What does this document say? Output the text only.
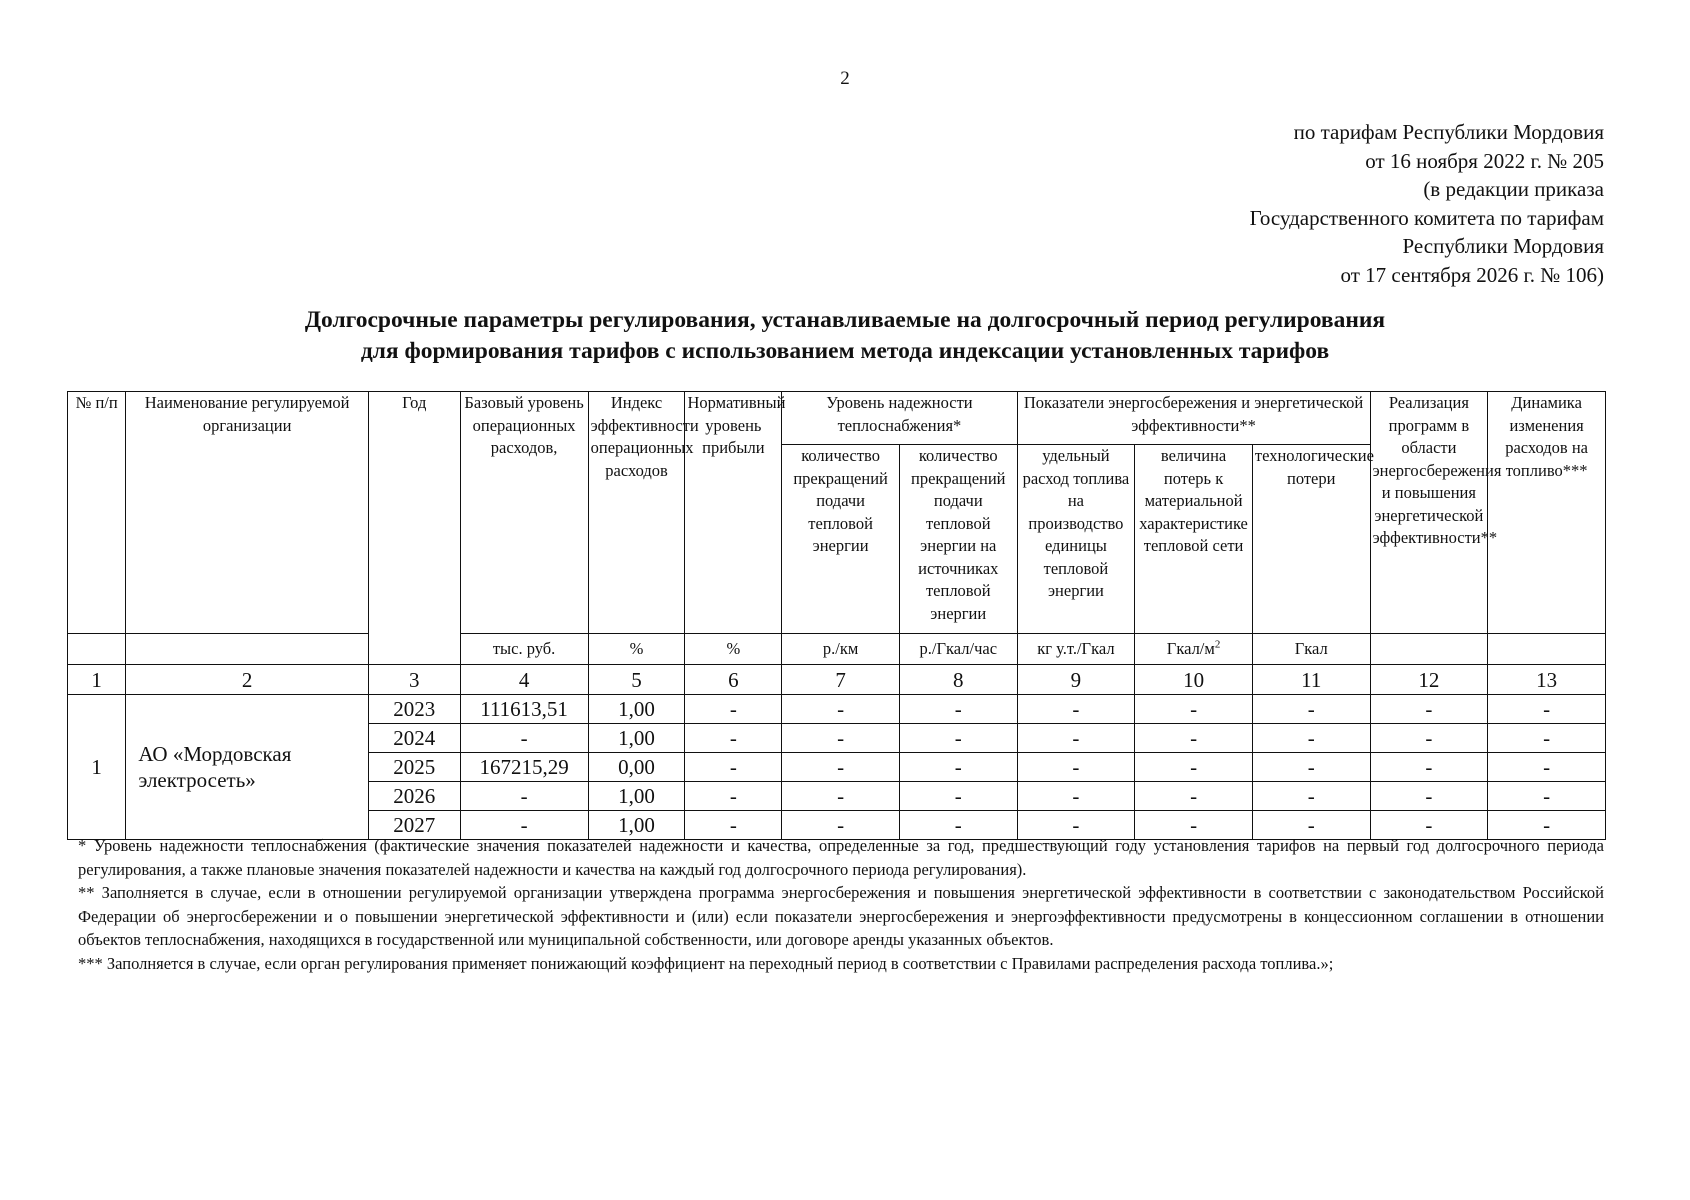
2
по тарифам Республики Мордовия
от 16 ноября 2022 г. № 205
(в редакции приказа
Государственного комитета по тарифам
Республики Мордовия
от 17 сентября 2026 г. № 106)
Долгосрочные параметры регулирования, устанавливаемые на долгосрочный период регулирования
для формирования тарифов с использованием метода индексации установленных тарифов
№ п/п	Наименование регулируемой организации	Год	Базовый уровень операционных расходов,	Индекс эффективности операционных расходов	Нормативный уровень прибыли	Уровень надежности теплоснабжения*		Показатели энергосбережения и энергетической эффективности**			Реализация программ в области энергосбережения и повышения энергетической эффективности**	Динамика изменения расходов на топливо***
						количество прекращений подачи тепловой энергии	количество прекращений подачи тепловой энергии на источниках тепловой энергии	удельный расход топлива на производство единицы тепловой энергии	величина потерь к материальной характеристике тепловой сети	технологические потери		
			тыс. руб.	%	%	р./км	р./Гкал/час	кг у.т./Гкал	Гкал/$м^2$	Гкал		
1	2	3	4	5	6	7	8	9	10	11	12	13
1	АО «Мордовская электросеть»	2023	111613,51	1,00	-	-	-	-	-	-	-	-
		2024	-	1,00	-	-	-	-	-	-	-	-
		2025	167215,29	0,00	-	-	-	-	-	-	-	-
		2026	-	1,00	-	-	-	-	-	-	-	-
		2027	-	1,00	-	-	-	-	-	-	-	-

* Уровень надежности теплоснабжения (фактические значения показателей надежности и качества, определенные за год, предшествующий году установления тарифов на первый год долгосрочного периода регулирования, а также плановые значения показателей надежности и качества на каждый год долгосрочного периода регулирования).

** Заполняется в случае, если в отношении регулируемой организации утверждена программа энергосбережения и повышения энергетической эффективности в соответствии с законодательством Российской Федерации об энергосбережении и о повышении энергетической эффективности и (или) если показатели энергосбережения и энергоэффективности предусмотрены в концессионном соглашении в отношении объектов теплоснабжения, находящихся в государственной или муниципальной собственности, или договоре аренды указанных объектов.

*** Заполняется в случае, если орган регулирования применяет понижающий коэффициент на переходный период в соответствии с Правилами распределения расхода топлива.»;
